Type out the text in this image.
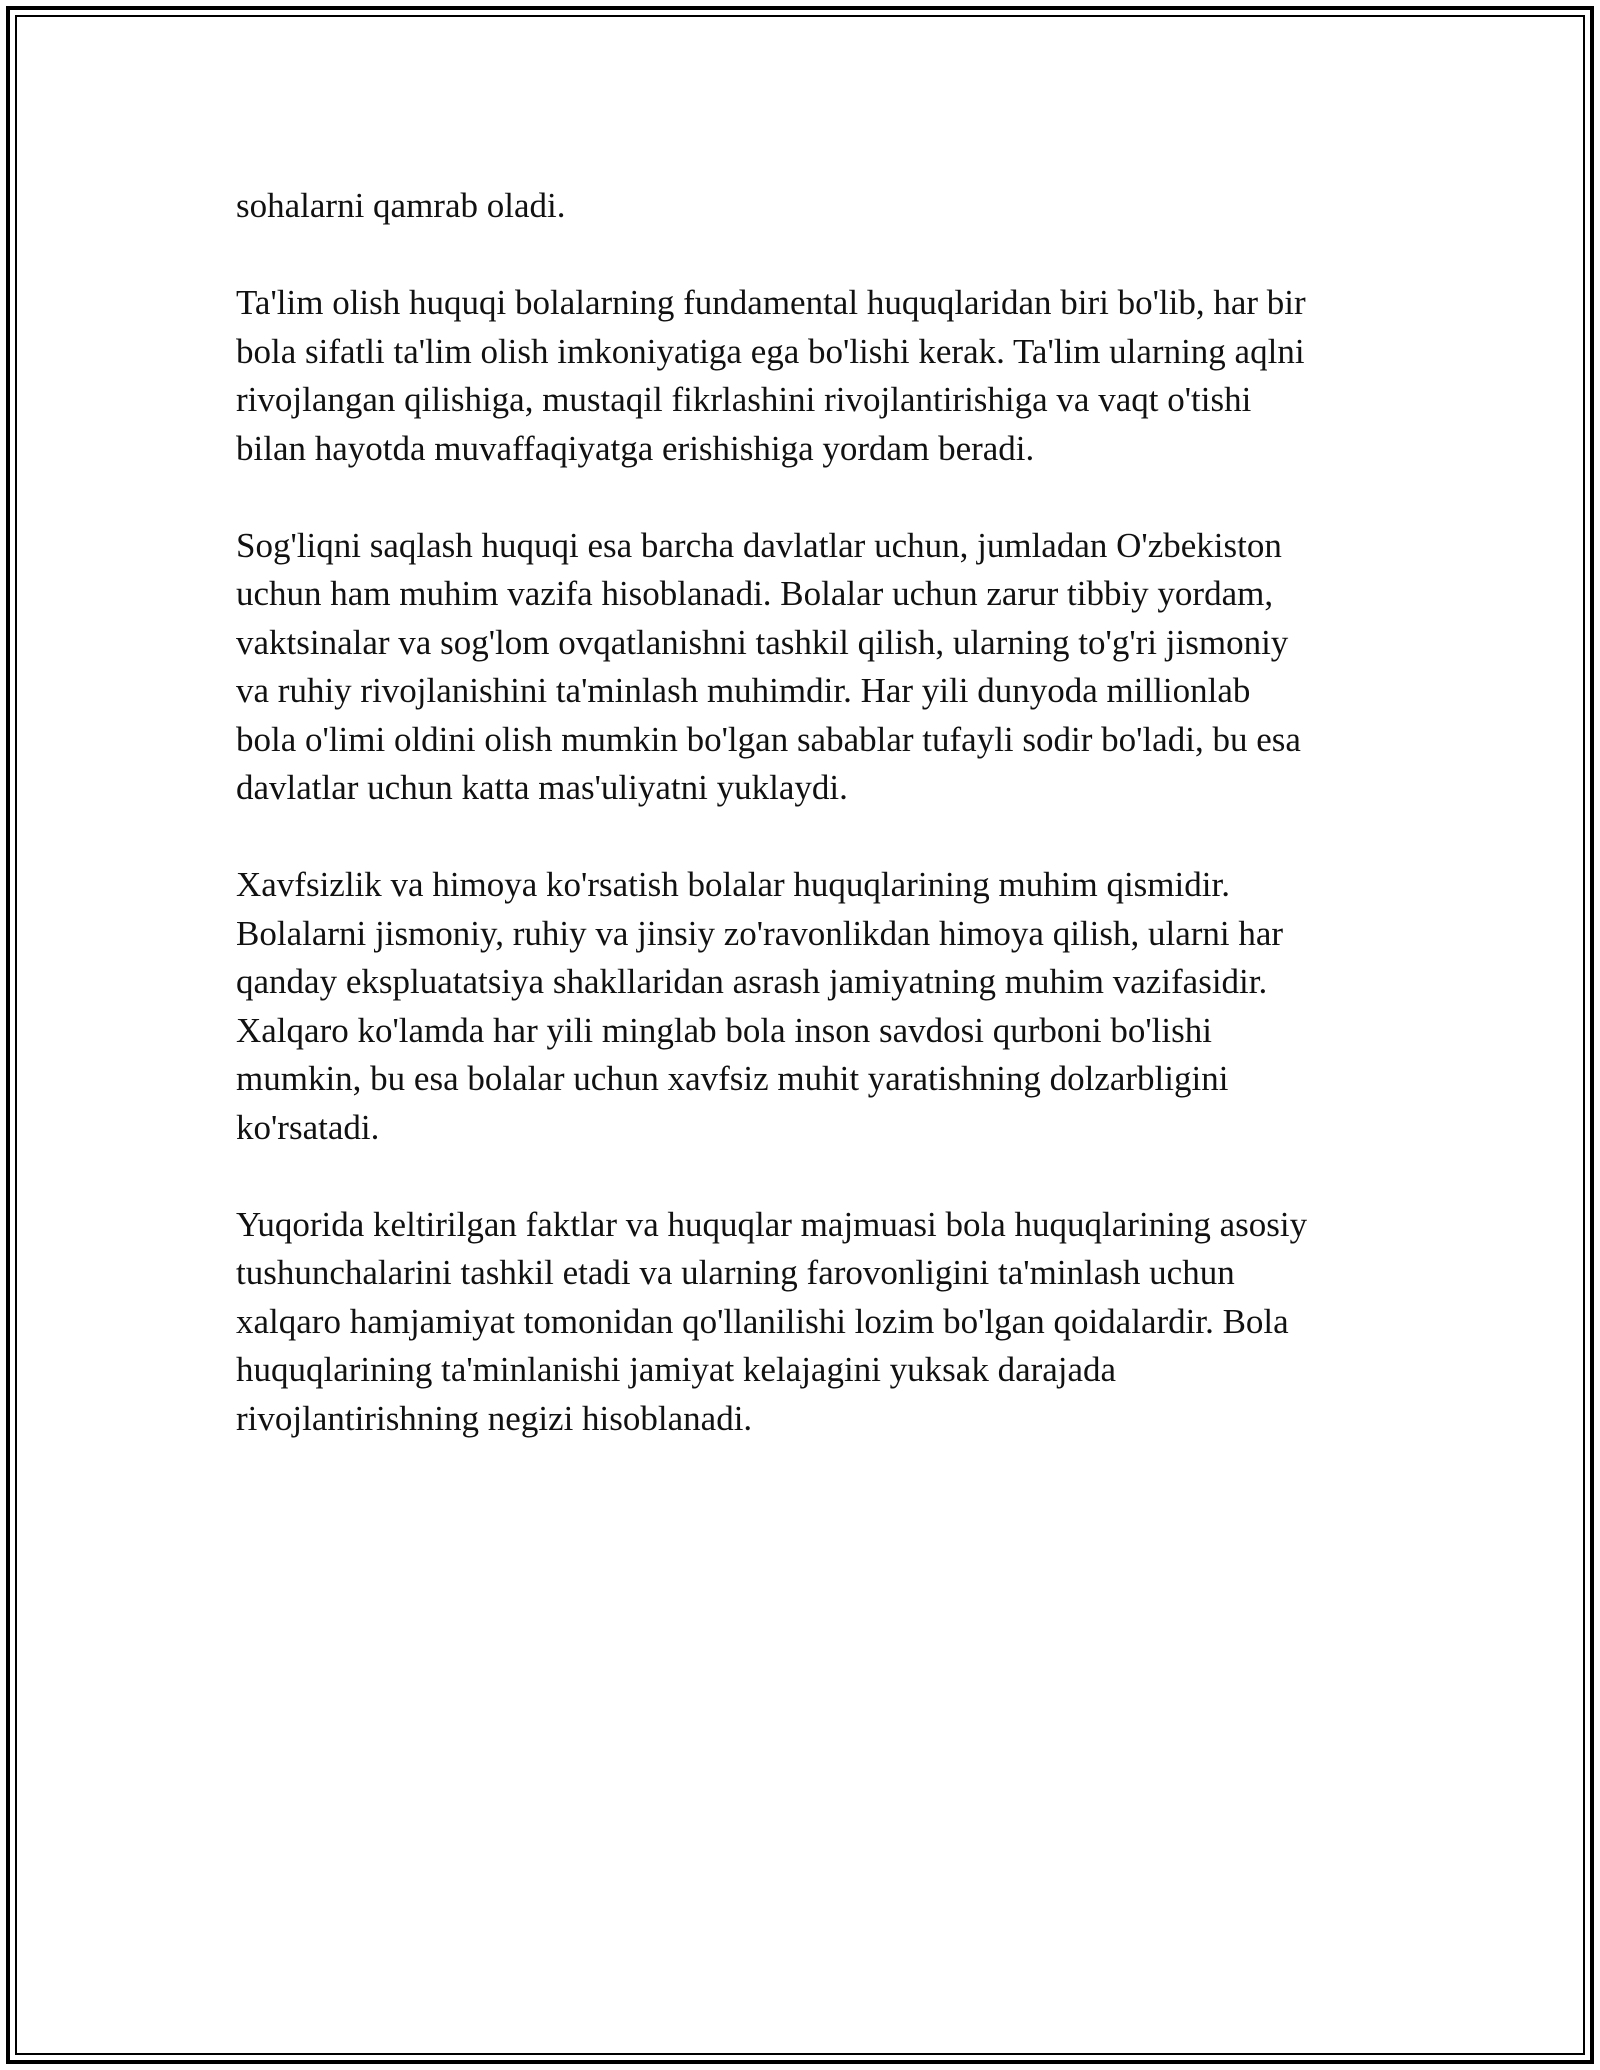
sohalarni qamrab oladi.

Ta'lim olish huquqi bolalarning fundamental huquqlaridan biri bo'lib, har bir
bola sifatli ta'lim olish imkoniyatiga ega bo'lishi kerak. Ta'lim ularning aqlni
rivojlangan qilishiga, mustaqil fikrlashini rivojlantirishiga va vaqt o'tishi
bilan hayotda muvaffaqiyatga erishishiga yordam beradi.

Sog'liqni saqlash huquqi esa barcha davlatlar uchun, jumladan O'zbekiston
uchun ham muhim vazifa hisoblanadi. Bolalar uchun zarur tibbiy yordam,
vaktsinalar va sog'lom ovqatlanishni tashkil qilish, ularning to'g'ri jismoniy
va ruhiy rivojlanishini ta'minlash muhimdir. Har yili dunyoda millionlab
bola o'limi oldini olish mumkin bo'lgan sabablar tufayli sodir bo'ladi, bu esa
davlatlar uchun katta mas'uliyatni yuklaydi.

Xavfsizlik va himoya ko'rsatish bolalar huquqlarining muhim qismidir.
Bolalarni jismoniy, ruhiy va jinsiy zo'ravonlikdan himoya qilish, ularni har
qanday ekspluatatsiya shakllaridan asrash jamiyatning muhim vazifasidir.
Xalqaro ko'lamda har yili minglab bola inson savdosi qurboni bo'lishi
mumkin, bu esa bolalar uchun xavfsiz muhit yaratishning dolzarbligini
ko'rsatadi.

Yuqorida keltirilgan faktlar va huquqlar majmuasi bola huquqlarining asosiy
tushunchalarini tashkil etadi va ularning farovonligini ta'minlash uchun
xalqaro hamjamiyat tomonidan qo'llanilishi lozim bo'lgan qoidalardir. Bola
huquqlarining ta'minlanishi jamiyat kelajagini yuksak darajada
rivojlantirishning negizi hisoblanadi.
